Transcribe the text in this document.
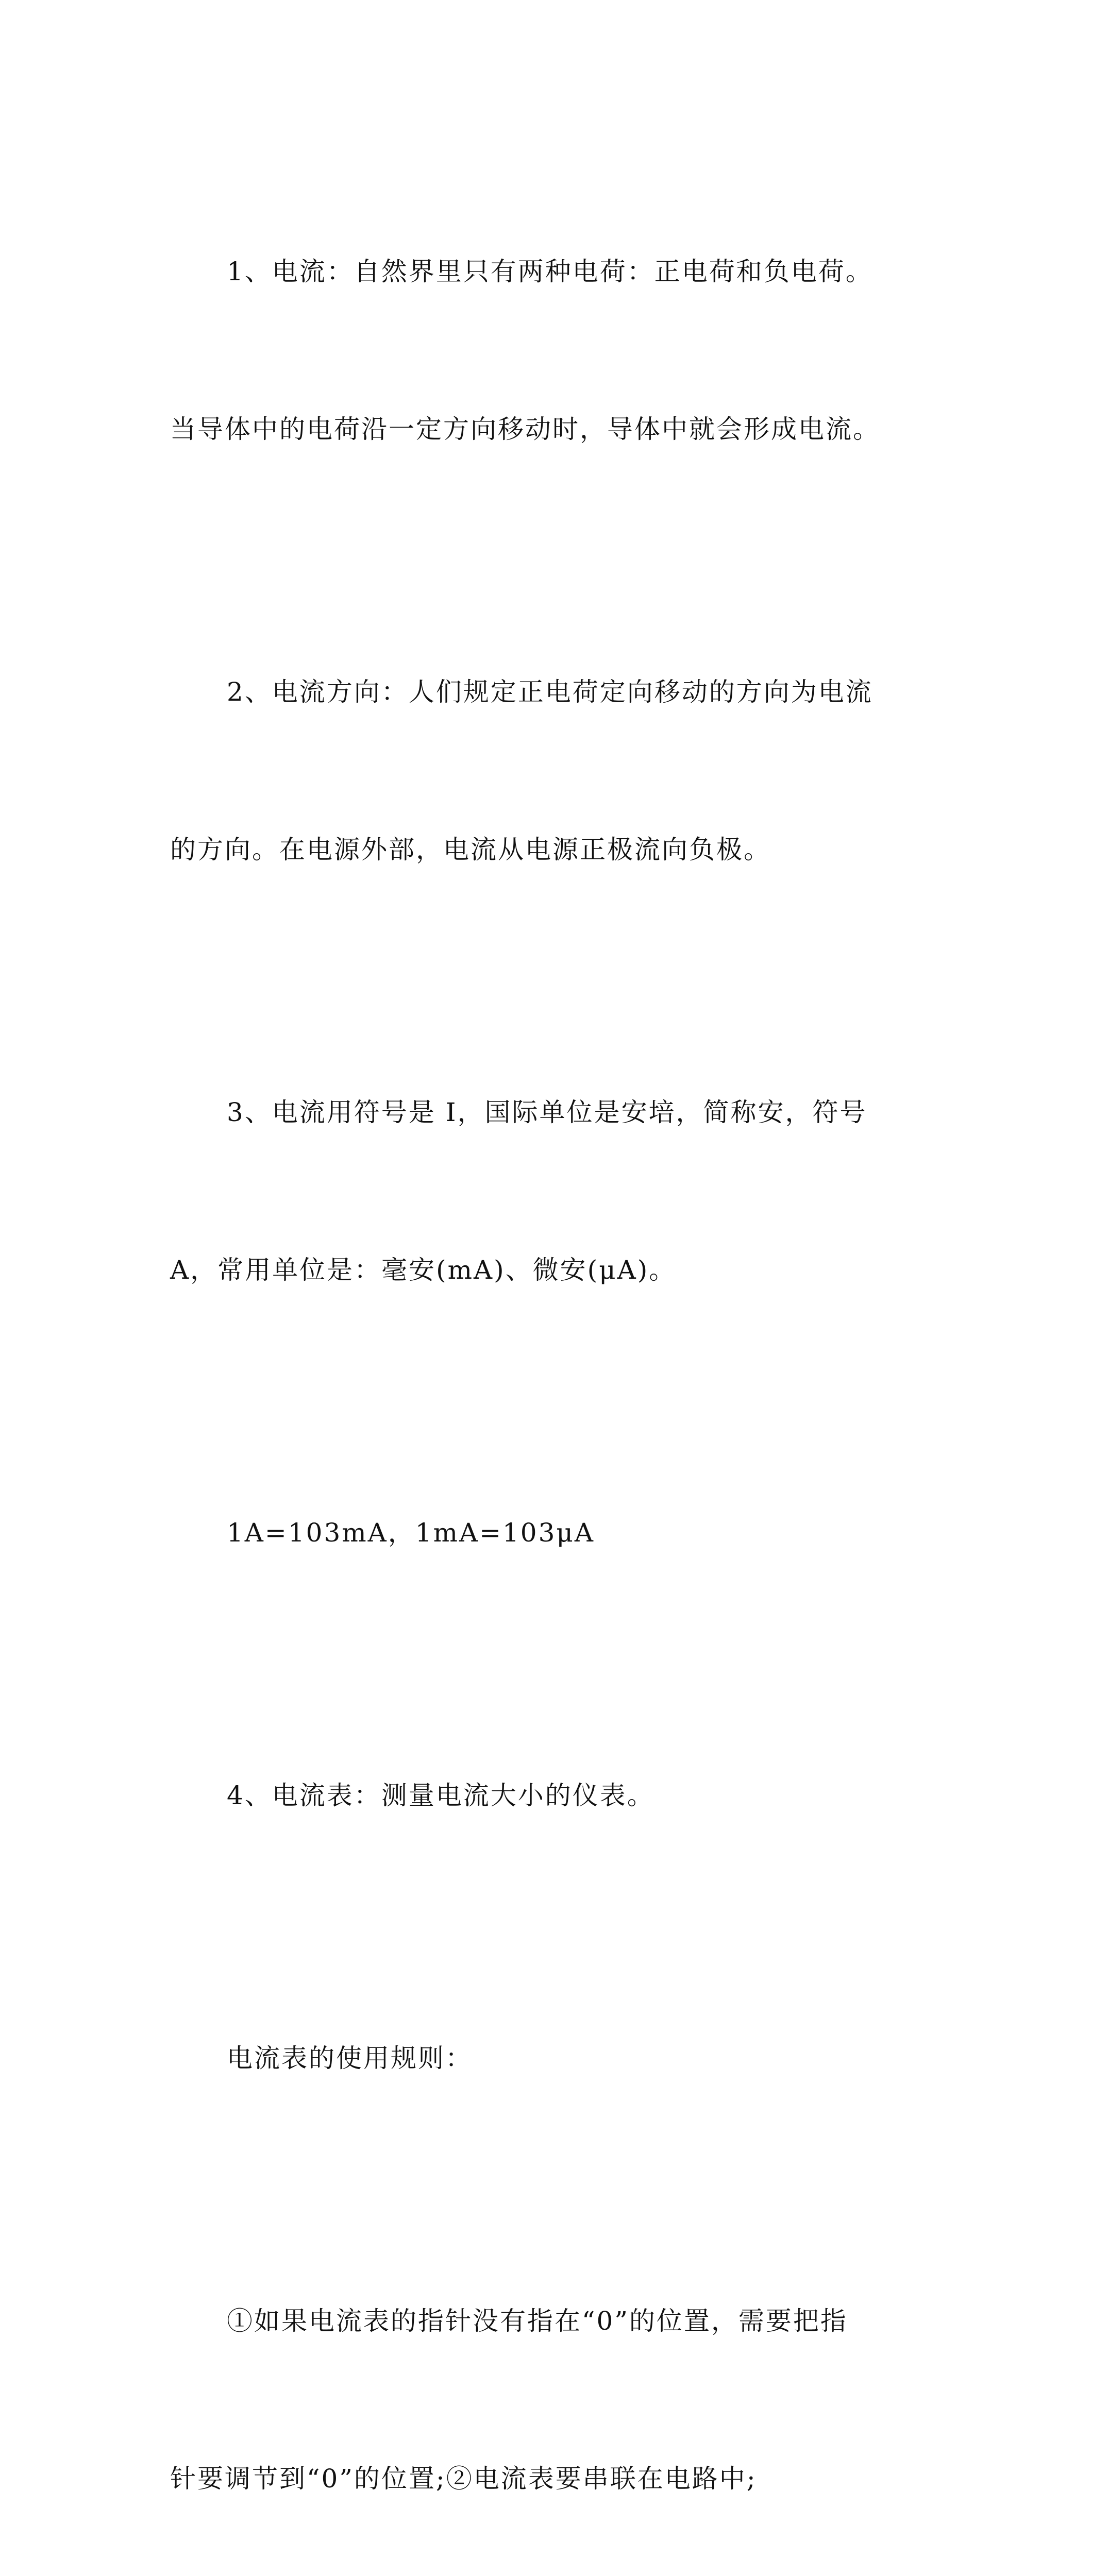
1、电流：自然界里只有两种电荷：正电荷和负电荷。

当导体中的电荷沿一定方向移动时，导体中就会形成电流。

2、电流方向：人们规定正电荷定向移动的方向为电流

的方向。在电源外部，电流从电源正极流向负极。

3、电流用符号是 I，国际单位是安培，简称安，符号

A，常用单位是：毫安(mA)、微安(μA)。

1A=103mA，1mA=103μA

4、电流表：测量电流大小的仪表。

电流表的使用规则：

①如果电流表的指针没有指在“0”的位置，需要把指

针要调节到“0”的位置;②电流表要串联在电路中;
